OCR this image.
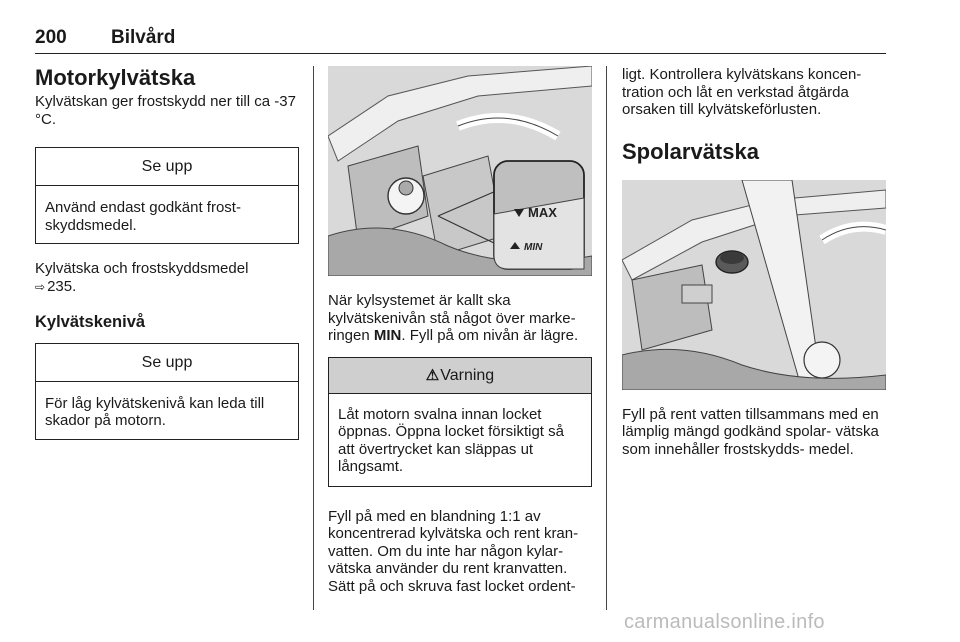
200 Bilvård
Motorkylvätska

Kylvätskan ger frostskydd ner till ca -37 °C.

Se upp
Använd endast godkänt frost- skyddsmedel.

Kylvätska och frostskyddsmedel
⇨ 235.

Kylvätskenivå
Se upp
För låg kylvätskenivå kan leda till skador på motorn.
MAX
MIN

När kylsystemet är kallt ska kylvätskenivån stå något över marke- ringen MIN. Fyll på om nivån är lägre.

⚠Varning
Låt motorn svalna innan locket öppnas. Öppna locket försiktigt så att övertrycket kan släppas ut långsamt.

Fyll på med en blandning 1:1 av koncentrerad kylvätska och rent kran- vatten. Om du inte har någon kylar- vätska använder du rent kranvatten. Sätt på och skruva fast locket ordent-

ligt. Kontrollera kylvätskans koncen- tration och låt en verkstad åtgärda orsaken till kylvätskeförlusten.

Spolarvätska

Fyll på rent vatten tillsammans med en lämplig mängd godkänd spolar- vätska som innehåller frostskydds- medel.

carmanualsonline.info
